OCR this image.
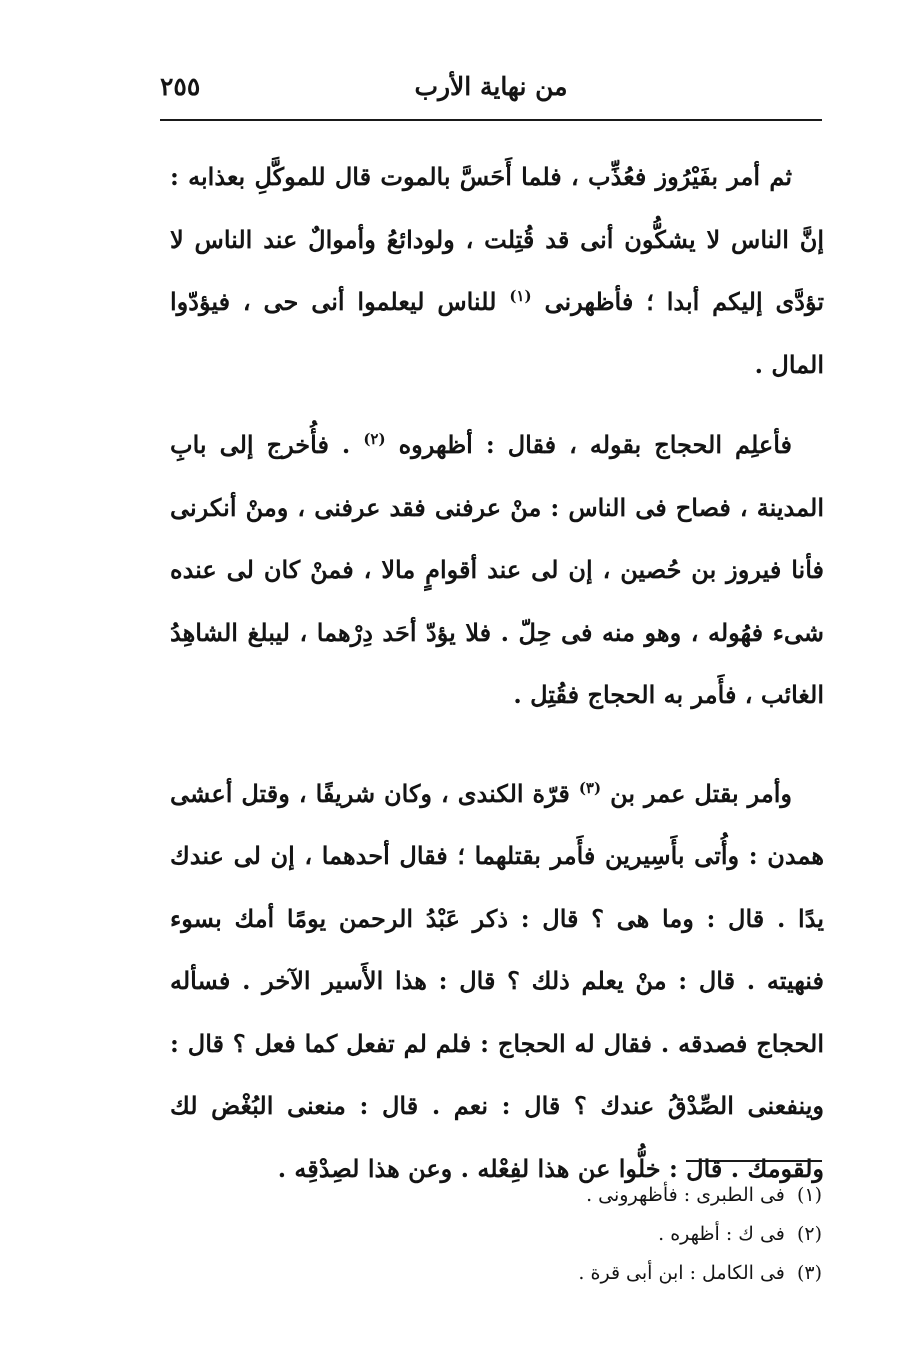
من نهاية الأرب
٢٥٥

ثم أمر بفَيْرُوز فعُذِّب ، فلما أَحَسَّ بالموت قال للموكَّلِ بعذابه : إنَّ الناس لا يشكُّون أنى قد قُتِلت ، ولودائعُ وأموالٌ عند الناس لا تؤدَّى إليكم أبدا ؛ فأظهرنى $^{(١)}$ للناس ليعلموا أنى حى ، فيؤدّوا المال .

فأعلِم الحجاج بقوله ، فقال : أظهروه $^{(٢)}$ . فأُخرج إلى بابِ المدينة ، فصاح فى الناس : منْ عرفنى فقد عرفنى ، ومنْ أنكرنى فأنا فيروز بن حُصين ، إن لى عند أقوامٍ مالا ، فمنْ كان لى عنده شىء فهُوله ، وهو منه فى حِلّ . فلا يؤدّ أحَد دِرْهما ، ليبلغ الشاهِدُ الغائب ، فأَمر به الحجاج فقُتِل .

وأمر بقتل عمر بن $^{(٣)}$ قرّة الكندى ، وكان شريفًا ، وقتل أعشى همدن : وأُتى بأَسِيرين فأَمر بقتلهما ؛ فقال أحدهما ، إن لى عندك يدًا . قال : وما هى ؟ قال : ذكر عَبْدُ الرحمن يومًا أمك بسوء فنهيته . قال : منْ يعلم ذلك ؟ قال : هذا الأَسير الآخر . فسأله الحجاج فصدقه . فقال له الحجاج : فلم لم تفعل كما فعل ؟ قال : وينفعنى الصِّدْقُ عندك ؟ قال : نعم . قال : منعنى البُغْض لك ولقومك . قال : خلُّوا عن هذا لفِعْله . وعن هذا لصِدْقِه .

(١) فى الطبرى : فأظهرونى .
(٢) فى ك : أظهره .
(٣) فى الكامل : ابن أبى قرة .
